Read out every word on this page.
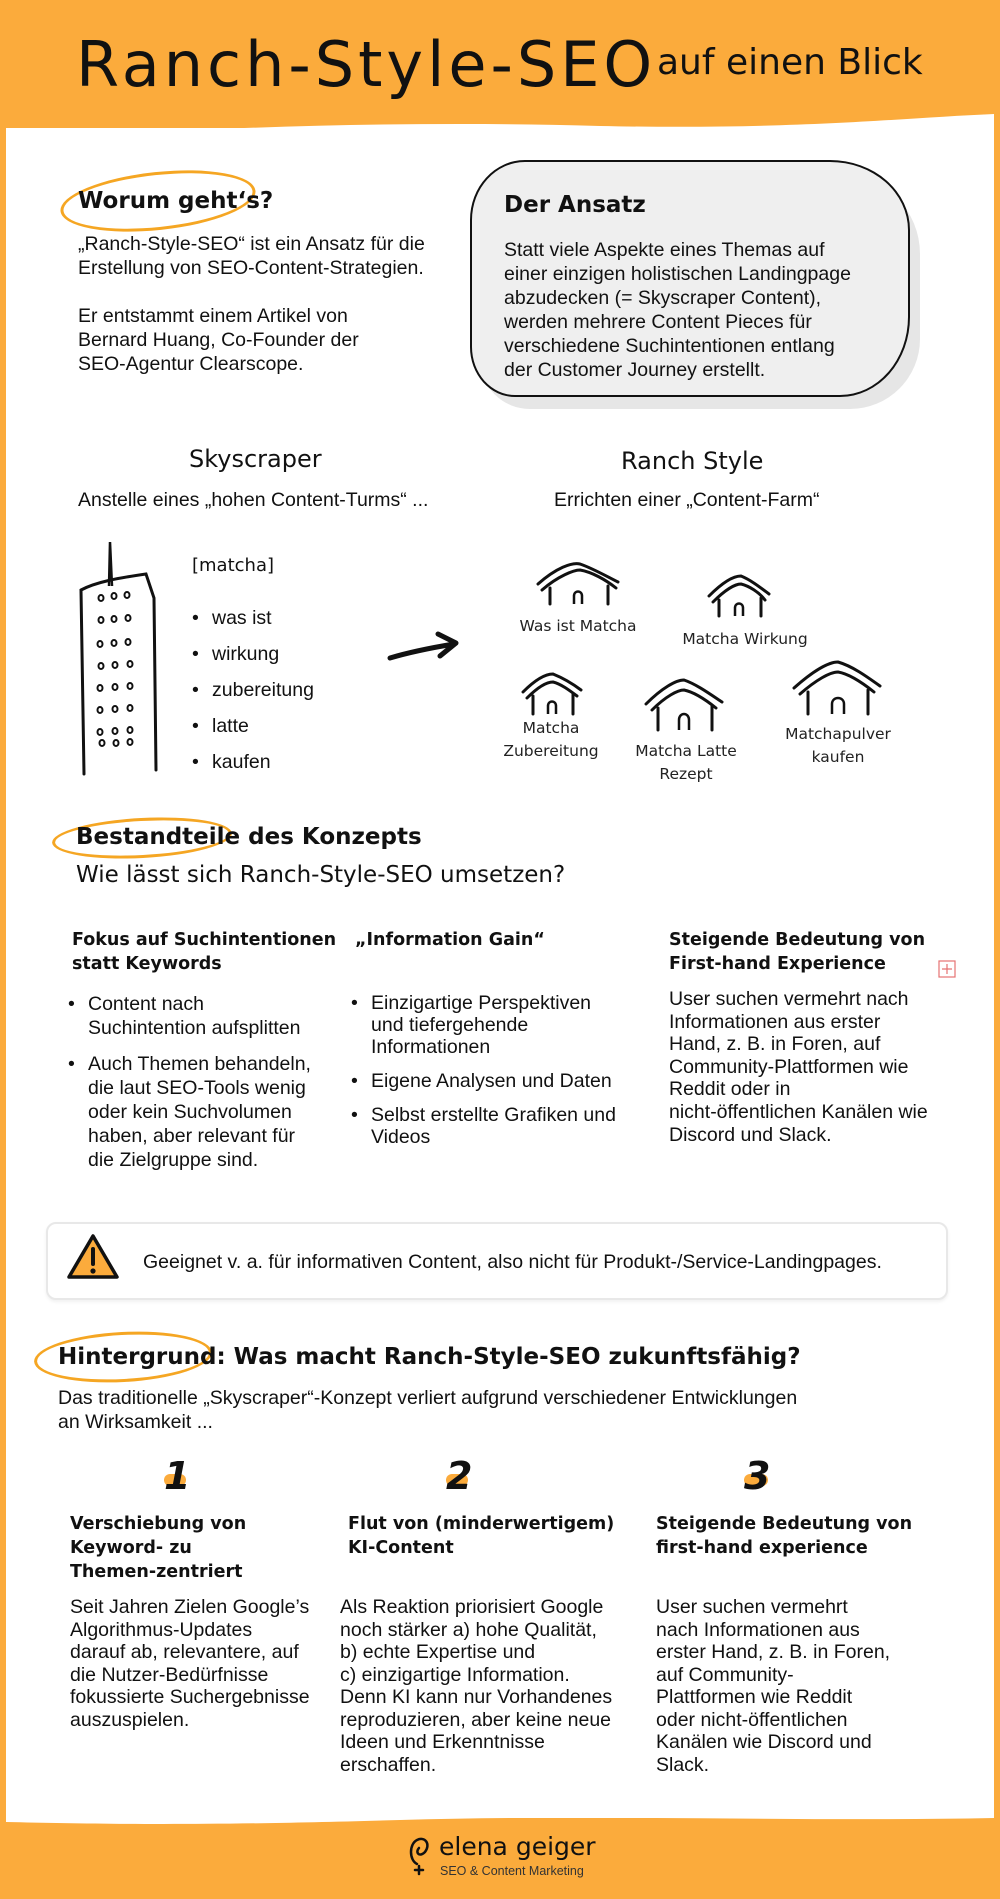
Ranch-Style-SEO auf einen Blick
Worum geht‘s?
„Ranch-Style-SEO“ ist ein Ansatz für die
Erstellung von SEO-Content-Strategien.
Er entstammt einem Artikel von
Bernard Huang, Co-Founder der
SEO-Agentur Clearscope.
Der Ansatz
Statt viele Aspekte eines Themas auf
einer einzigen holistischen Landingpage
abzudecken (= Skyscraper Content),
werden mehrere Content Pieces für
verschiedene Suchintentionen entlang
der Customer Journey erstellt.
Skyscraper
Anstelle eines „hohen Content-Turms“ ...
[matcha]
• was ist
• wirkung
• zubereitung
• latte
• kaufen
Ranch Style
Errichten einer „Content-Farm“
Was ist Matcha
Matcha Wirkung
Matcha
Zubereitung	Matcha Latte
Rezept
Matchapulver
kaufen
Bestandteile des Konzepts
Wie lässt sich Ranch-Style-SEO umsetzen?
Fokus auf Suchintentionen
statt Keywords
• Content nach
Suchintention aufsplitten
• Auch Themen behandeln,
die laut SEO-Tools wenig
oder kein Suchvolumen
haben, aber relevant für
die Zielgruppe sind.
„Information Gain“
• Einzigartige Perspektiven
und tiefergehende
Informationen
• Eigene Analysen und Daten
• Selbst erstellte Grafiken und
Videos
Steigende Bedeutung von
First-hand Experience
User suchen vermehrt nach
Informationen aus erster
Hand, z. B. in Foren, auf
Community-Plattformen wie
Reddit oder in
nicht-öffentlichen Kanälen wie
Discord und Slack.
Geeignet v. a. für informativen Content, also nicht für Produkt-/Service-Landingpages.
Hintergrund: Was macht Ranch-Style-SEO zukunftsfähig?
Das traditionelle „Skyscraper“-Konzept verliert aufgrund verschiedener Entwicklungen
an Wirksamkeit ...
1
Verschiebung von
Keyword- zu
Themen-zentriert
Seit Jahren Zielen Google’s
Algorithmus-Updates
darauf ab, relevantere, auf
die Nutzer-Bedürfnisse
fokussierte Suchergebnisse
auszuspielen.
2
Flut von (minderwertigem)
KI-Content
Als Reaktion priorisiert Google
noch stärker a) hohe Qualität,
b) echte Expertise und
c) einzigartige Information.
Denn KI kann nur Vorhandenes
reproduzieren, aber keine neue
Ideen und Erkenntnisse
erschaffen.
3
Steigende Bedeutung von
first-hand experience
User suchen vermehrt
nach Informationen aus
erster Hand, z. B. in Foren,
auf Community-
Plattformen wie Reddit
oder nicht-öffentlichen
Kanälen wie Discord und
Slack.
elena geiger
SEO & Content Marketing
